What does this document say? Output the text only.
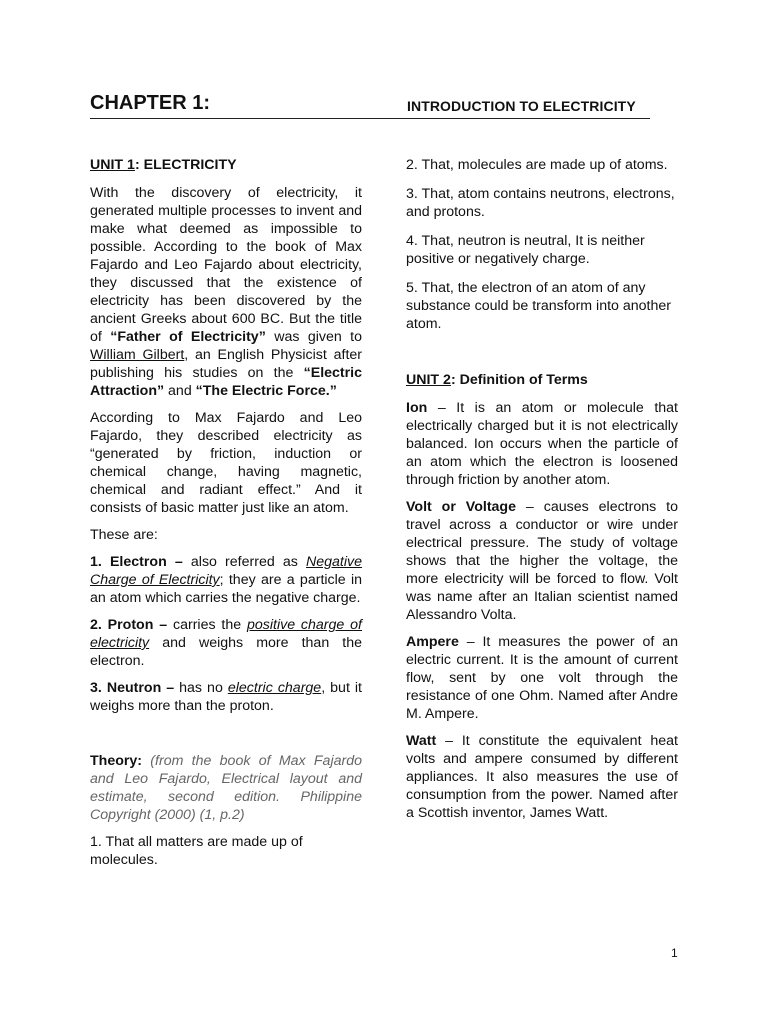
CHAPTER 1:	INTRODUCTION TO ELECTRICITY

UNIT 1: ELECTRICITY

With the discovery of electricity, it generated multiple processes to invent and make what deemed as impossible to possible. According to the book of Max Fajardo and Leo Fajardo about electricity, they discussed that the existence of electricity has been discovered by the ancient Greeks about 600 BC. But the title of “Father of Electricity” was given to William Gilbert, an English Physicist after publishing his studies on the “Electric Attraction” and “The Electric Force.”

According to Max Fajardo and Leo Fajardo, they described electricity as “generated by friction, induction or chemical change, having magnetic, chemical and radiant effect.” And it consists of basic matter just like an atom.

These are:

1. Electron – also referred as Negative Charge of Electricity; they are a particle in an atom which carries the negative charge.

2. Proton – carries the positive charge of electricity and weighs more than the electron.

3. Neutron – has no electric charge, but it weighs more than the proton.

Theory: (from the book of Max Fajardo and Leo Fajardo, Electrical layout and estimate, second edition. Philippine Copyright (2000) (1, p.2)

1. That all matters are made up of molecules.

2. That, molecules are made up of atoms.

3. That, atom contains neutrons, electrons, and protons.

4. That, neutron is neutral, It is neither positive or negatively charge.

5. That, the electron of an atom of any substance could be transform into another atom.

UNIT 2: Definition of Terms

Ion – It is an atom or molecule that electrically charged but it is not electrically balanced. Ion occurs when the particle of an atom which the electron is loosened through friction by another atom.

Volt or Voltage – causes electrons to travel across a conductor or wire under electrical pressure. The study of voltage shows that the higher the voltage, the more electricity will be forced to flow. Volt was name after an Italian scientist named Alessandro Volta.

Ampere – It measures the power of an electric current. It is the amount of current flow, sent by one volt through the resistance of one Ohm. Named after Andre M. Ampere.

Watt – It constitute the equivalent heat volts and ampere consumed by different appliances. It also measures the use of consumption from the power. Named after a Scottish inventor, James Watt.

1
